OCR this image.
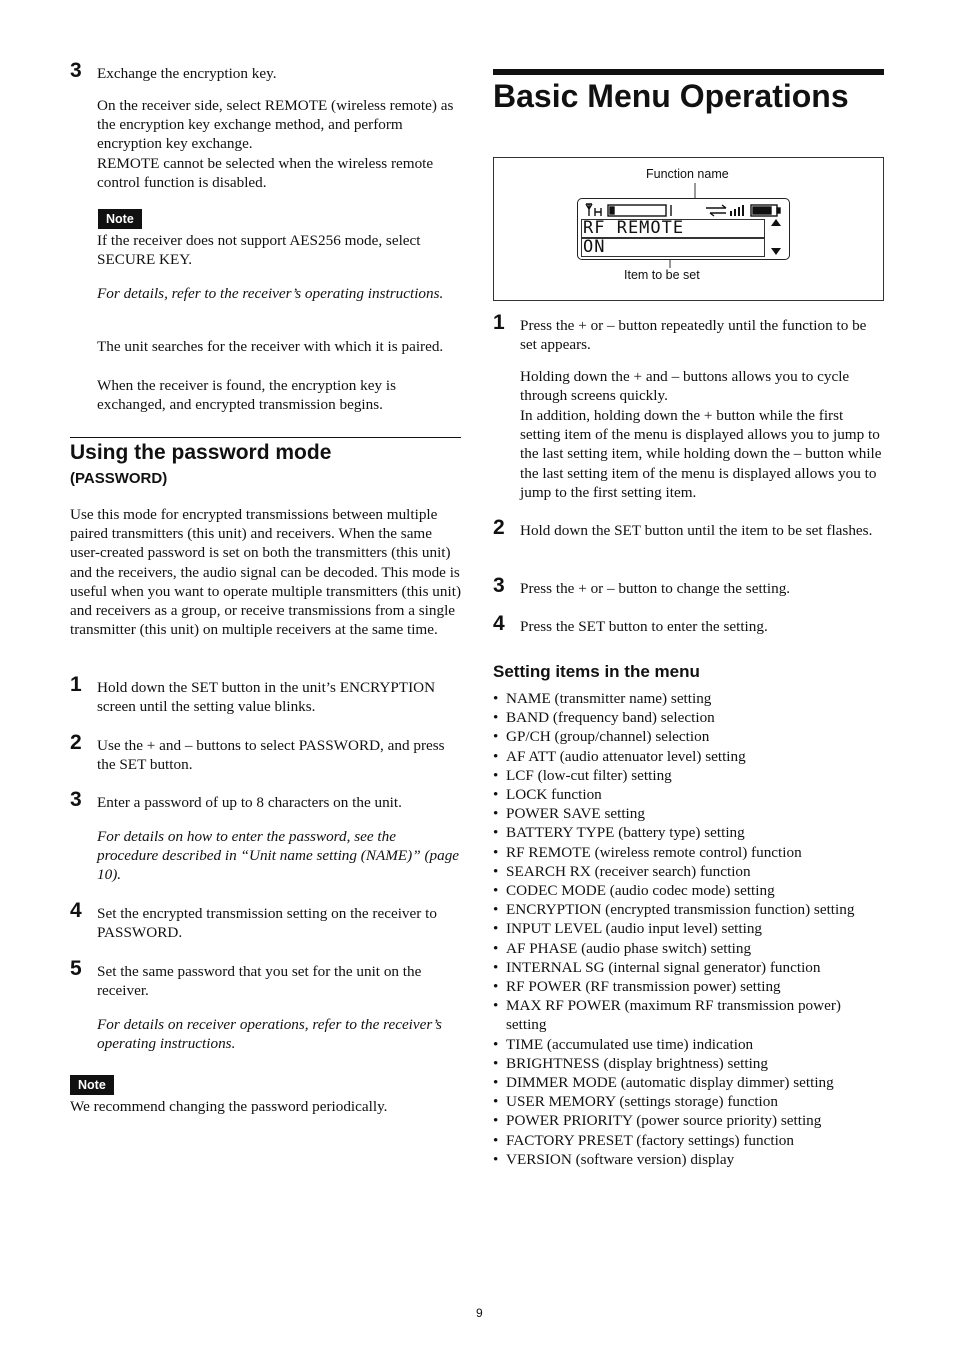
3 Exchange the encryption key.

On the receiver side, select REMOTE (wireless remote) as the encryption key exchange method, and perform encryption key exchange.

REMOTE cannot be selected when the wireless remote control function is disabled.

Note

If the receiver does not support AES256 mode, select SECURE KEY.

For details, refer to the receiver’s operating instructions.

The unit searches for the receiver with which it is paired.

When the receiver is found, the encryption key is exchanged, and encrypted transmission begins.

Using the password mode
(PASSWORD)

Use this mode for encrypted transmissions between multiple paired transmitters (this unit) and receivers. When the same user-created password is set on both the transmitters (this unit) and the receivers, the audio signal can be decoded. This mode is useful when you want to operate multiple transmitters (this unit) and receivers as a group, or receive transmissions from a single transmitter (this unit) on multiple receivers at the same time.

1 Hold down the SET button in the unit’s ENCRYPTION screen until the setting value blinks.

2 Use the + and – buttons to select PASSWORD, and press the SET button.

3 Enter a password of up to 8 characters on the unit.

For details on how to enter the password, see the procedure described in “Unit name setting (NAME)” (page 10).

4 Set the encrypted transmission setting on the receiver to PASSWORD.

5 Set the same password that you set for the unit on the receiver.

For details on receiver operations, refer to the receiver’s operating instructions.

Note

We recommend changing the password periodically.

Basic Menu Operations
Function name
Item to be set
RF REMOTE
ON
1 Press the + or – button repeatedly until the function to be set appears.

Holding down the + and – buttons allows you to cycle through screens quickly.

In addition, holding down the + button while the first setting item of the menu is displayed allows you to jump to the last setting item, while holding down the – button while the last setting item of the menu is displayed allows you to jump to the first setting item.

2 Hold down the SET button until the item to be set flashes.

3 Press the + or – button to change the setting.

4 Press the SET button to enter the setting.

Setting items in the menu
• NAME (transmitter name) setting
• BAND (frequency band) selection
• GP/CH (group/channel) selection
• AF ATT (audio attenuator level) setting
• LCF (low-cut filter) setting
• LOCK function
• POWER SAVE setting
• BATTERY TYPE (battery type) setting
• RF REMOTE (wireless remote control) function
• SEARCH RX (receiver search) function
• CODEC MODE (audio codec mode) setting
• ENCRYPTION (encrypted transmission function) setting
• INPUT LEVEL (audio input level) setting
• AF PHASE (audio phase switch) setting
• INTERNAL SG (internal signal generator) function
• RF POWER (RF transmission power) setting
• MAX RF POWER (maximum RF transmission power) setting
• TIME (accumulated use time) indication
• BRIGHTNESS (display brightness) setting
• DIMMER MODE (automatic display dimmer) setting
• USER MEMORY (settings storage) function
• POWER PRIORITY (power source priority) setting
• FACTORY PRESET (factory settings) function
• VERSION (software version) display
9
